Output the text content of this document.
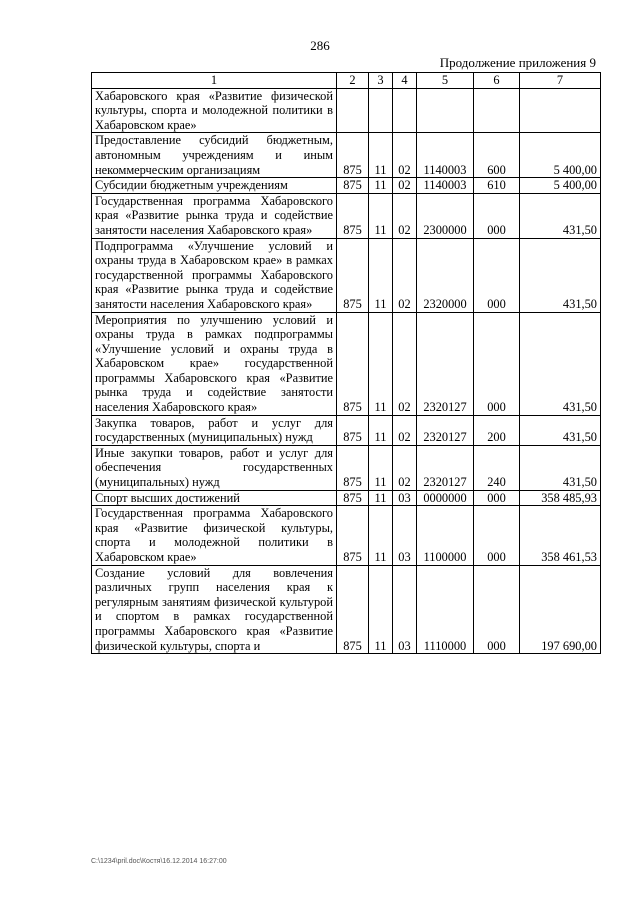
286
Продолжение приложения 9
1	2	3	4	5	6	7
Хабаровского края «Развитие физической культуры, спорта и молодежной политики в Хабаровском крае»						
Предоставление субсидий бюджетным, автономным учреждениям и иным некоммерческим организациям	875	11	02	1140003	600	5 400,00
Субсидии бюджетным учреждениям	875	11	02	1140003	610	5 400,00
Государственная программа Хабаровского края «Развитие рынка труда и содействие занятости населения Хабаровского края»	875	11	02	2300000	000	431,50
Подпрограмма «Улучшение условий и охраны труда в Хабаровском крае» в рамках государственной программы Хабаровского края «Развитие рынка труда и содействие занятости населения Хабаровского края»	875	11	02	2320000	000	431,50
Мероприятия по улучшению условий и охраны труда в рамках подпрограммы «Улучшение условий и охраны труда в Хабаровском крае» государственной программы Хабаровского края «Развитие рынка труда и содействие занятости населения Хабаровского края»	875	11	02	2320127	000	431,50
Закупка товаров, работ и услуг для государственных (муниципальных) нужд	875	11	02	2320127	200	431,50
Иные закупки товаров, работ и услуг для обеспечения государственных (муниципальных) нужд	875	11	02	2320127	240	431,50
Спорт высших достижений	875	11	03	0000000	000	358 485,93
Государственная программа Хабаровского края «Развитие физической культуры, спорта и молодежной политики в Хабаровском крае»	875	11	03	1100000	000	358 461,53
Создание условий для вовлечения различных групп населения края к регулярным занятиям физической культурой и спортом в рамках государственной программы Хабаровского края «Развитие физической культуры, спорта и	875	11	03	1110000	000	197 690,00
C:\1234\pril.doc\Костя\16.12.2014 16:27:00
